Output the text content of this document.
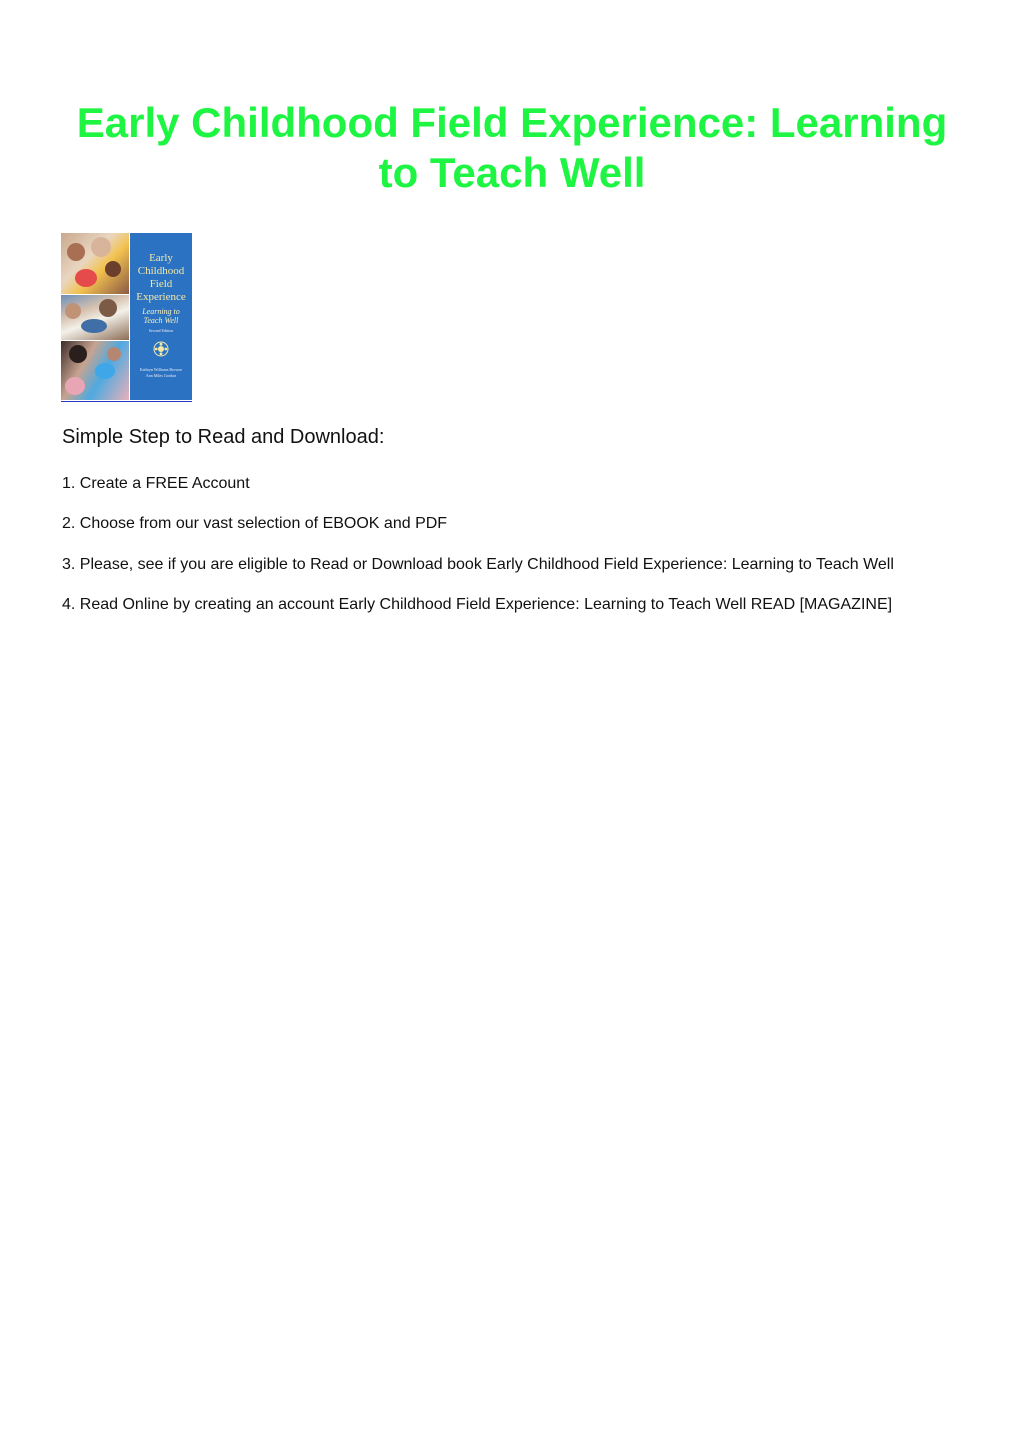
Early Childhood Field Experience: Learning to Teach Well
Early
Childhood
Field
Experience
Learning to
Teach Well
Second Edition
Kathryn Williams Browne
Ann Miles Gordon
Simple Step to Read and Download:

1. Create a FREE Account

2. Choose from our vast selection of EBOOK and PDF

3. Please, see if you are eligible to Read or Download book Early Childhood Field Experience: Learning to Teach Well

4. Read Online by creating an account Early Childhood Field Experience: Learning to Teach Well READ [MAGAZINE]
